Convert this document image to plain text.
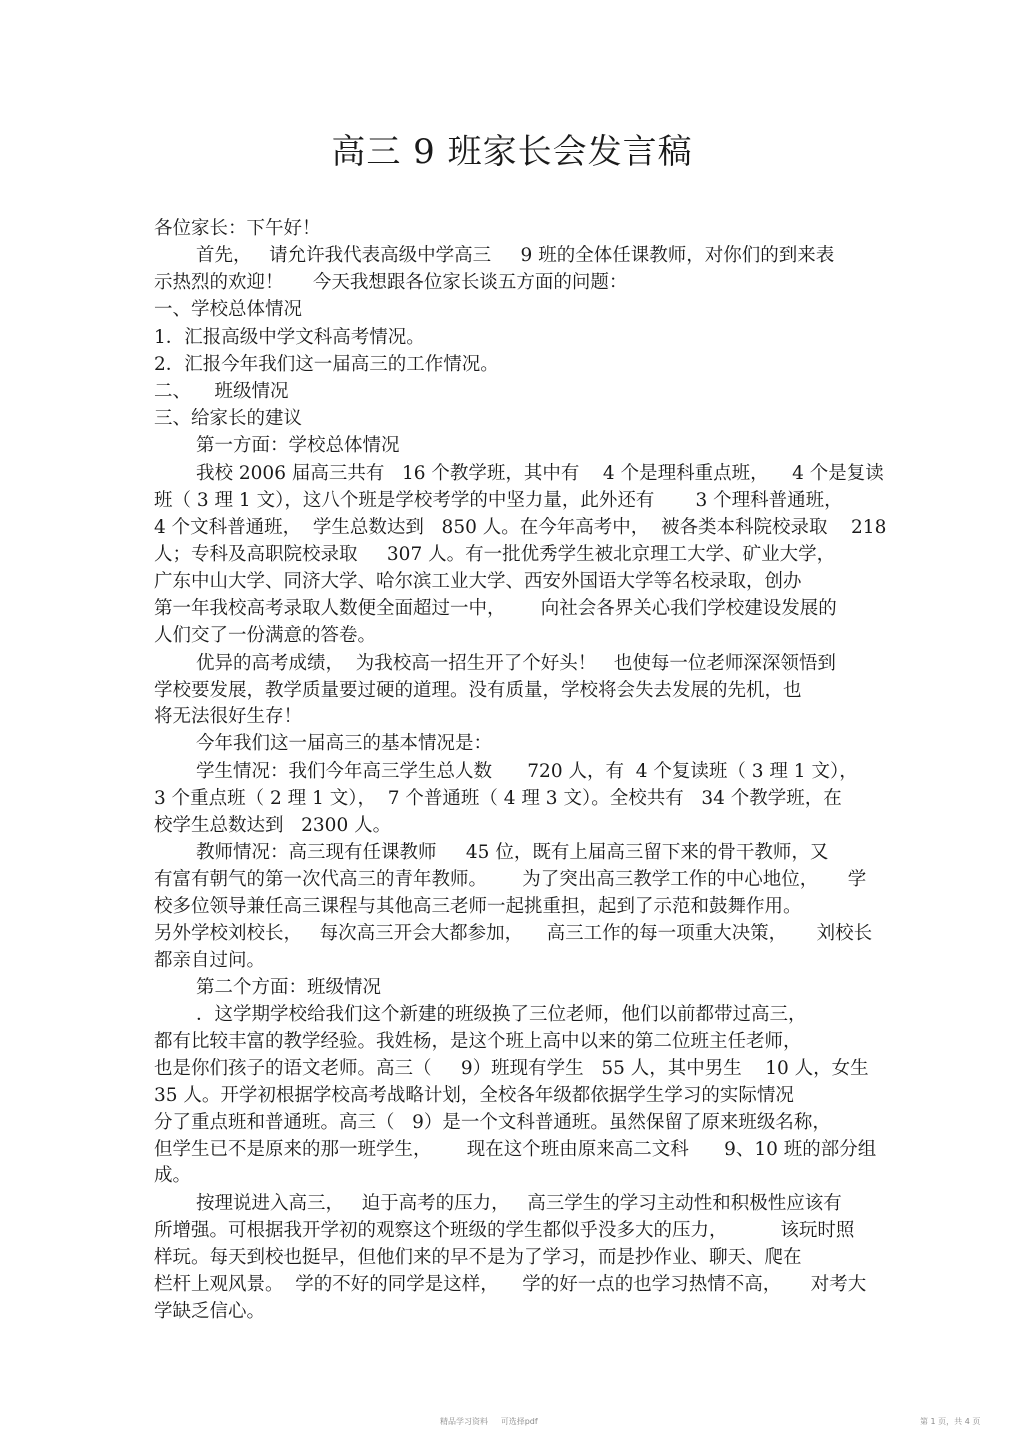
高三 9 班家长会发言稿
各位家长：下午好！
首先，   请允许我代表高级中学高三     9 班的全体任课教师，对你们的到来表
示热烈的欢迎！     今天我想跟各位家长谈五方面的问题：
一、学校总体情况
1．汇报高级中学文科高考情况。
2．汇报今年我们这一届高三的工作情况。
二、    班级情况
三、给家长的建议
第一方面：学校总体情况
我校 2006 届高三共有   16 个教学班，其中有    4 个是理科重点班，    4 个是复读
班（ 3 理 1 文），这八个班是学校考学的中坚力量，此外还有       3 个理科普通班，
4 个文科普通班，  学生总数达到   850 人。在今年高考中，  被各类本科院校录取    218
人；专科及高职院校录取     307 人。有一批优秀学生被北京理工大学、矿业大学，
广东中山大学、同济大学、哈尔滨工业大学、西安外国语大学等名校录取，创办
第一年我校高考录取人数便全面超过一中，      向社会各界关心我们学校建设发展的
人们交了一份满意的答卷。
优异的高考成绩，  为我校高一招生开了个好头！   也使每一位老师深深领悟到
学校要发展，教学质量要过硬的道理。没有质量，学校将会失去发展的先机，也
将无法很好生存！
今年我们这一届高三的基本情况是：
学生情况：我们今年高三学生总人数      720 人，有  4 个复读班（ 3 理 1 文），
3 个重点班（ 2 理 1 文），  7 个普通班（ 4 理 3 文）。全校共有   34 个教学班，在
校学生总数达到   2300 人。
教师情况：高三现有任课教师     45 位，既有上届高三留下来的骨干教师，又
有富有朝气的第一次代高三的青年教师。      为了突出高三教学工作的中心地位，     学
校多位领导兼任高三课程与其他高三老师一起挑重担，起到了示范和鼓舞作用。
另外学校刘校长，   每次高三开会大都参加，    高三工作的每一项重大决策，     刘校长
都亲自过问。
第二个方面：班级情况
．这学期学校给我们这个新建的班级换了三位老师，他们以前都带过高三，
都有比较丰富的教学经验。我姓杨，是这个班上高中以来的第二位班主任老师，
也是你们孩子的语文老师。高三（     9）班现有学生   55 人，其中男生    10 人，女生
35 人。开学初根据学校高考战略计划，全校各年级都依据学生学习的实际情况
分了重点班和普通班。高三（   9）是一个文科普通班。虽然保留了原来班级名称，
但学生已不是原来的那一班学生，      现在这个班由原来高二文科      9、10 班的部分组
成。
按理说进入高三，   迫于高考的压力，   高三学生的学习主动性和积极性应该有
所增强。可根据我开学初的观察这个班级的学生都似乎没多大的压力，         该玩时照
样玩。每天到校也挺早，但他们来的早不是为了学习，而是抄作业、聊天、爬在
栏杆上观风景。  学的不好的同学是这样，    学的好一点的也学习热情不高，     对考大
学缺乏信心。
精品学习资料     可选择pdf	第 1 页，共 4 页
